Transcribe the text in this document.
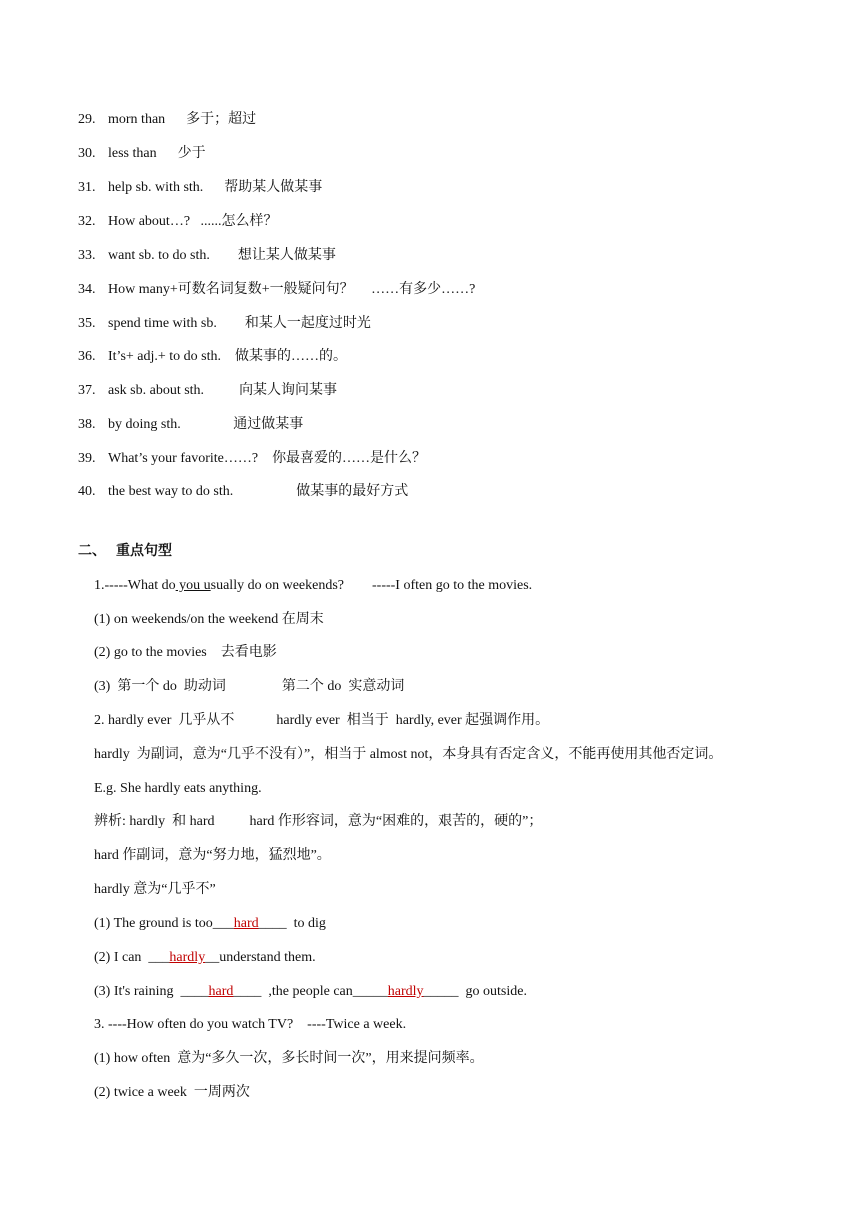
29. morn than 多于；超过
30. less than 少于
31. help sb. with sth. 帮助某人做某事
32. How about…? ......怎么样？
33. want sb. to do sth. 想让某人做某事
34. How many+可数名词复数+一般疑问句？ ……有多少……?
35. spend time with sb. 和某人一起度过时光
36. It’s+ adj.+ to do sth. 做某事的……的。
37. ask sb. about sth.	向某人询问某事
38. by doing sth.	通过做某事
39. What’s your favorite……? 你最喜爱的……是什么？
40. the best way to do sth.	做某事的最好方式
二、 重点句型
1.-----What do you usually do on weekends?        -----I often go to the movies.
(1) on weekends/on the weekend 在周末
(2) go to the movies    去看电影
(3)  第一个 do  助动词                第二个 do  实意动词
2. hardly ever  几乎从不            hardly ever  相当于  hardly, ever 起强调作用。
hardly  为副词，意为“几乎不没有）”，相当于 almost not，本身具有否定含义，不能再使用其他否定词。
E.g. She hardly eats anything.
辨析: hardly  和 hard          hard 作形容词，意为“困难的，艰苦的，硬的”；
hard 作副词，意为“努力地，猛烈地”。
hardly 意为“几乎不”
(1) The ground is too___hard____  to dig
(2) I can  ___hardly__understand them.
(3) It's raining  ____hard____  ,the people can_____hardly_____  go outside.
3. ----How often do you watch TV?    ----Twice a week.
(1) how often  意为“多久一次，多长时间一次”，用来提问频率。
(2) twice a week  一周两次
